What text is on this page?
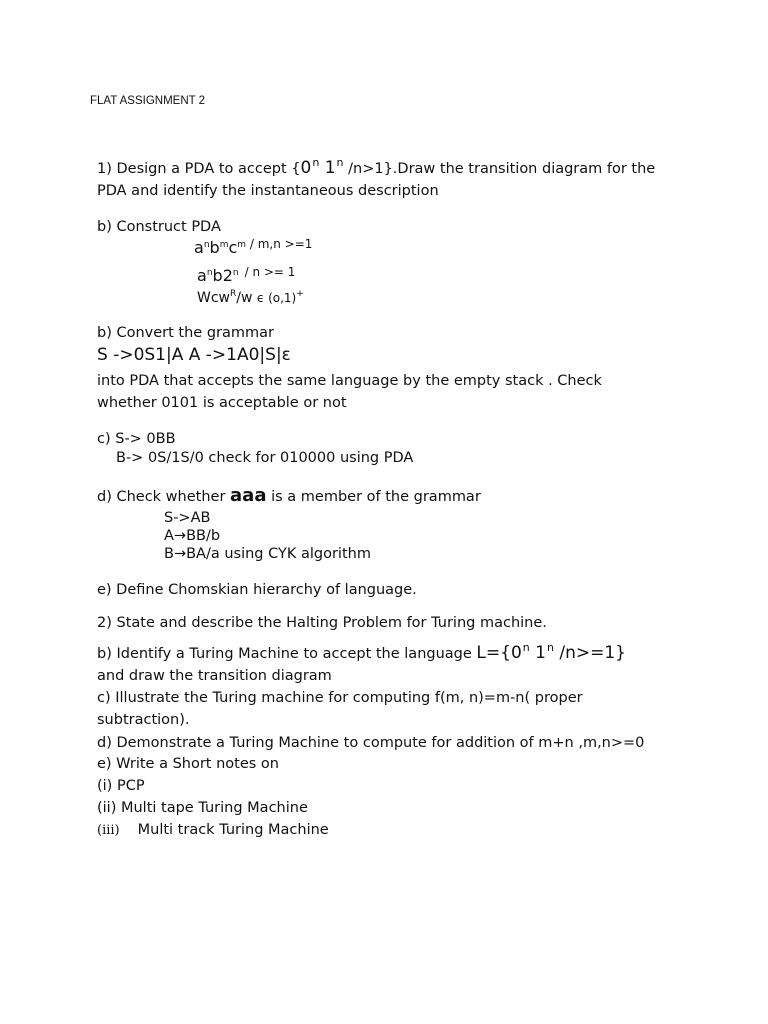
FLAT ASSIGNMENT 2
1) Design a PDA to accept {0$^n$ 1$^n$ /n>1}.Draw the transition diagram for the
PDA and identify the instantaneous description
b) Construct PDA
$a^nb^mc^m$ $^{/ m,n >=1}$
$a^nb2^n$ $^{/ n >= 1}$
Wcw$^R$/w ϵ (o,1)+
b) Convert the grammar
S ->0S1|A A ->1A0|S|ε
into PDA that accepts the same language by the empty stack . Check
whether 0101 is acceptable or not
c) S-> 0BB
B-> 0S/1S/0 check for 010000 using PDA
d) Check whether aaa is a member of the grammar
S->AB
A→BB/b
B→BA/a using CYK algorithm
e) Define Chomskian hierarchy of language.
2) State and describe the Halting Problem for Turing machine.
b) Identify a Turing Machine to accept the language $L=\{0^n$ 1$^n$ /n>=1}
and draw the transition diagram
c) Illustrate the Turing machine for computing f(m, n)=m-n( proper
subtraction).
d) Demonstrate a Turing Machine to compute for addition of m+n ,m,n>=0
e) Write a Short notes on
(i) PCP
(ii) Multi tape Turing Machine
(iii) Multi track Turing Machine
